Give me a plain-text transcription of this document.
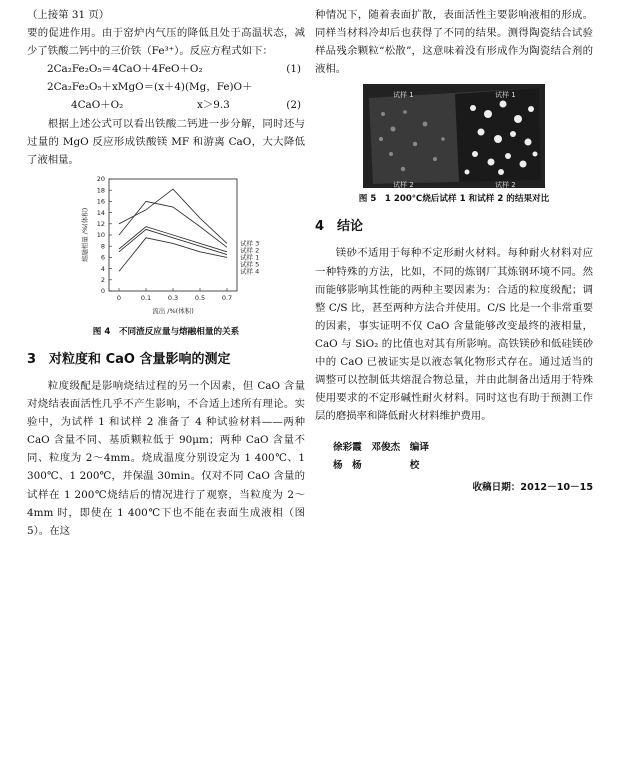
（上接第 31 页）

要的促进作用。由于窑炉内气压的降低且处于高温状态，减少了铁酸二钙中的三价铁（Fe³⁺）。反应方程式如下：

2Ca₂Fe₂O₅＝4CaO＋4FeO＋O₂	(1)
2Ca₂Fe₂O₅＋xMgO＝(x＋4)(Mg，Fe)O＋
4CaO＋O₂	x＞9.3	(2)

根据上述公式可以看出铁酸二钙进一步分解，同时还与过量的 MgO 反应形成铁酸镁 MF 和游离 CaO，大大降低了液相量。

0
2
4
6
8
10
12
14
16
18
20
0	0.1	0.3	0.5	0.7
流出 /%(体积)
熔融相量 /%(体积)	试样 3
试样 2
试样 1
试样 5
试样 4
图 4　不同渣反应量与熔融相量的关系
3　对粒度和 CaO 含量影响的测定

粒度级配是影响烧结过程的另一个因素，但 CaO 含量对烧结表面活性几乎不产生影响，不合适上述所有理论。实验中，为试样 1 和试样 2 准备了 4 种试验材料——两种 CaO 含量不同、基质颗粒低于 90μm；两种 CaO 含量不同、粒度为 2～4mm。烧成温度分别设定为 1 400℃、1 300℃、1 200℃，并保温 30min。仅对不同 CaO 含量的试样在 1 200℃烧结后的情况进行了观察，当粒度为 2～4mm 时，即使在 1 400℃下也不能在表面生成液相（图 5）。在这

种情况下，随着表面扩散，表面活性主要影响液相的形成。同样当材料冷却后也获得了不同的结果。测得陶瓷结合试验样品残余颗粒“松散”，这意味着没有形成作为陶瓷结合剂的液相。

试样 1	试样 1
试样 2	试样 2
图 5　1 200℃烧后试样 1 和试样 2 的结果对比
4　结论

镁砂不适用于每种不定形耐火材料。每种耐火材料对应一种特殊的方法，比如，不同的炼钢厂其炼钢环境不同。然而能够影响其性能的两种主要因素为：合适的粒度级配；调整 C/S 比，甚至两种方法合并使用。C/S 比是一个非常重要的因素，事实证明不仅 CaO 含量能够改变最终的液相量，CaO 与 SiO₂ 的比值也对其有所影响。高铁镁砂和低硅镁砂中的 CaO 已被证实是以液态氧化物形式存在。通过适当的调整可以控制低共熔混合物总量，并由此制备出适用于特殊使用要求的不定形碱性耐火材料。同时这也有助于预测工作层的磨损率和降低耐火材料维护费用。

徐彩霞　邓俊杰　编译
杨　杨　　　　　校
收稿日期：2012－10－15
